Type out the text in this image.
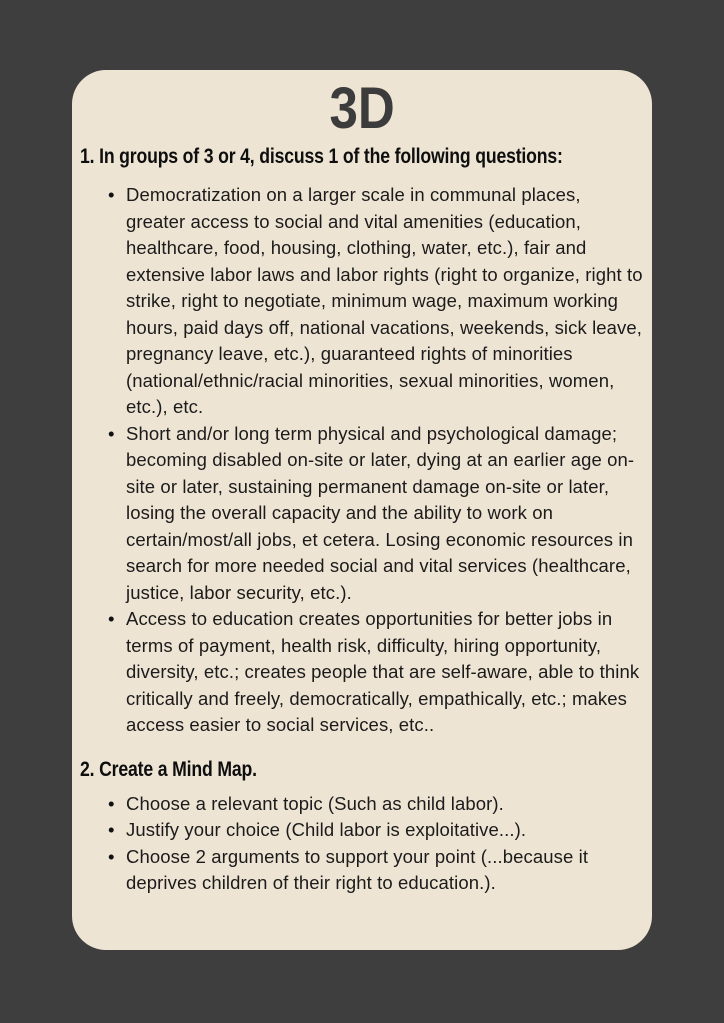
3D
1. In groups of 3 or 4, discuss 1 of the following questions:
• Democratization on a larger scale in communal places, greater access to social and vital amenities (education, healthcare, food, housing, clothing, water, etc.), fair and extensive labor laws and labor rights (right to organize, right to strike, right to negotiate, minimum wage, maximum working hours, paid days off, national vacations, weekends, sick leave, pregnancy leave, etc.), guaranteed rights of minorities (national/ethnic/racial minorities, sexual minorities, women, etc.), etc.
• Short and/or long term physical and psychological damage; becoming disabled on-site or later, dying at an earlier age on-site or later, sustaining permanent damage on-site or later, losing the overall capacity and the ability to work on certain/most/all jobs, et cetera. Losing economic resources in search for more needed social and vital services (healthcare, justice, labor security, etc.).
• Access to education creates opportunities for better jobs in terms of payment, health risk, difficulty, hiring opportunity, diversity, etc.; creates people that are self-aware, able to think critically and freely, democratically, empathically, etc.; makes access easier to social services, etc..
2. Create a Mind Map.
• Choose a relevant topic (Such as child labor).
• Justify your choice (Child labor is exploitative...).
• Choose 2 arguments to support your point (...because it deprives children of their right to education.).
